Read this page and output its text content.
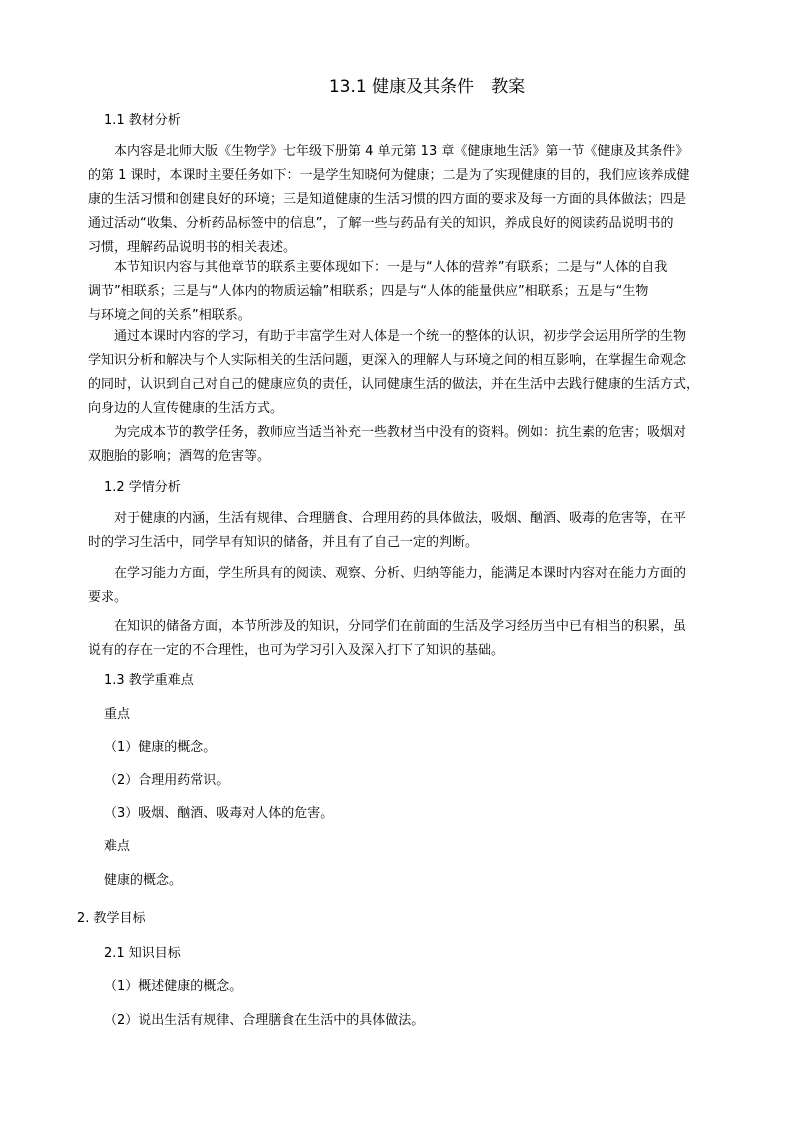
13.1 健康及其条件　教案
1.1 教材分析
　　本内容是北师大版《生物学》七年级下册第 4 单元第 13 章《健康地生活》第一节《健康及其条件》
的第 1 课时，本课时主要任务如下：一是学生知晓何为健康；二是为了实现健康的目的，我们应该养成健
康的生活习惯和创建良好的环境；三是知道健康的生活习惯的四方面的要求及每一方面的具体做法；四是
通过活动“收集、分析药品标签中的信息”，了解一些与药品有关的知识，养成良好的阅读药品说明书的
习惯，理解药品说明书的相关表述。
　　本节知识内容与其他章节的联系主要体现如下：一是与“人体的营养”有联系；二是与“人体的自我
调节”相联系；三是与“人体内的物质运输”相联系；四是与“人体的能量供应”相联系；五是与“生物
与环境之间的关系”相联系。
　　通过本课时内容的学习，有助于丰富学生对人体是一个统一的整体的认识，初步学会运用所学的生物
学知识分析和解决与个人实际相关的生活问题，更深入的理解人与环境之间的相互影响，在掌握生命观念
的同时，认识到自己对自己的健康应负的责任，认同健康生活的做法，并在生活中去践行健康的生活方式，
向身边的人宣传健康的生活方式。
　　为完成本节的教学任务，教师应当适当补充一些教材当中没有的资料。例如：抗生素的危害；吸烟对
双胞胎的影响；酒驾的危害等。
1.2 学情分析
　　对于健康的内涵，生活有规律、合理膳食、合理用药的具体做法，吸烟、酗酒、吸毒的危害等，在平
时的学习生活中，同学早有知识的储备，并且有了自己一定的判断。
　　在学习能力方面，学生所具有的阅读、观察、分析、归纳等能力，能满足本课时内容对在能力方面的
要求。
　　在知识的储备方面，本节所涉及的知识，分同学们在前面的生活及学习经历当中已有相当的积累，虽
说有的存在一定的不合理性，也可为学习引入及深入打下了知识的基础。
1.3 教学重难点
重点
（1）健康的概念。
（2）合理用药常识。
（3）吸烟、酗酒、吸毒对人体的危害。
难点
健康的概念。
2. 教学目标
2.1 知识目标
（1）概述健康的概念。
（2）说出生活有规律、合理膳食在生活中的具体做法。
